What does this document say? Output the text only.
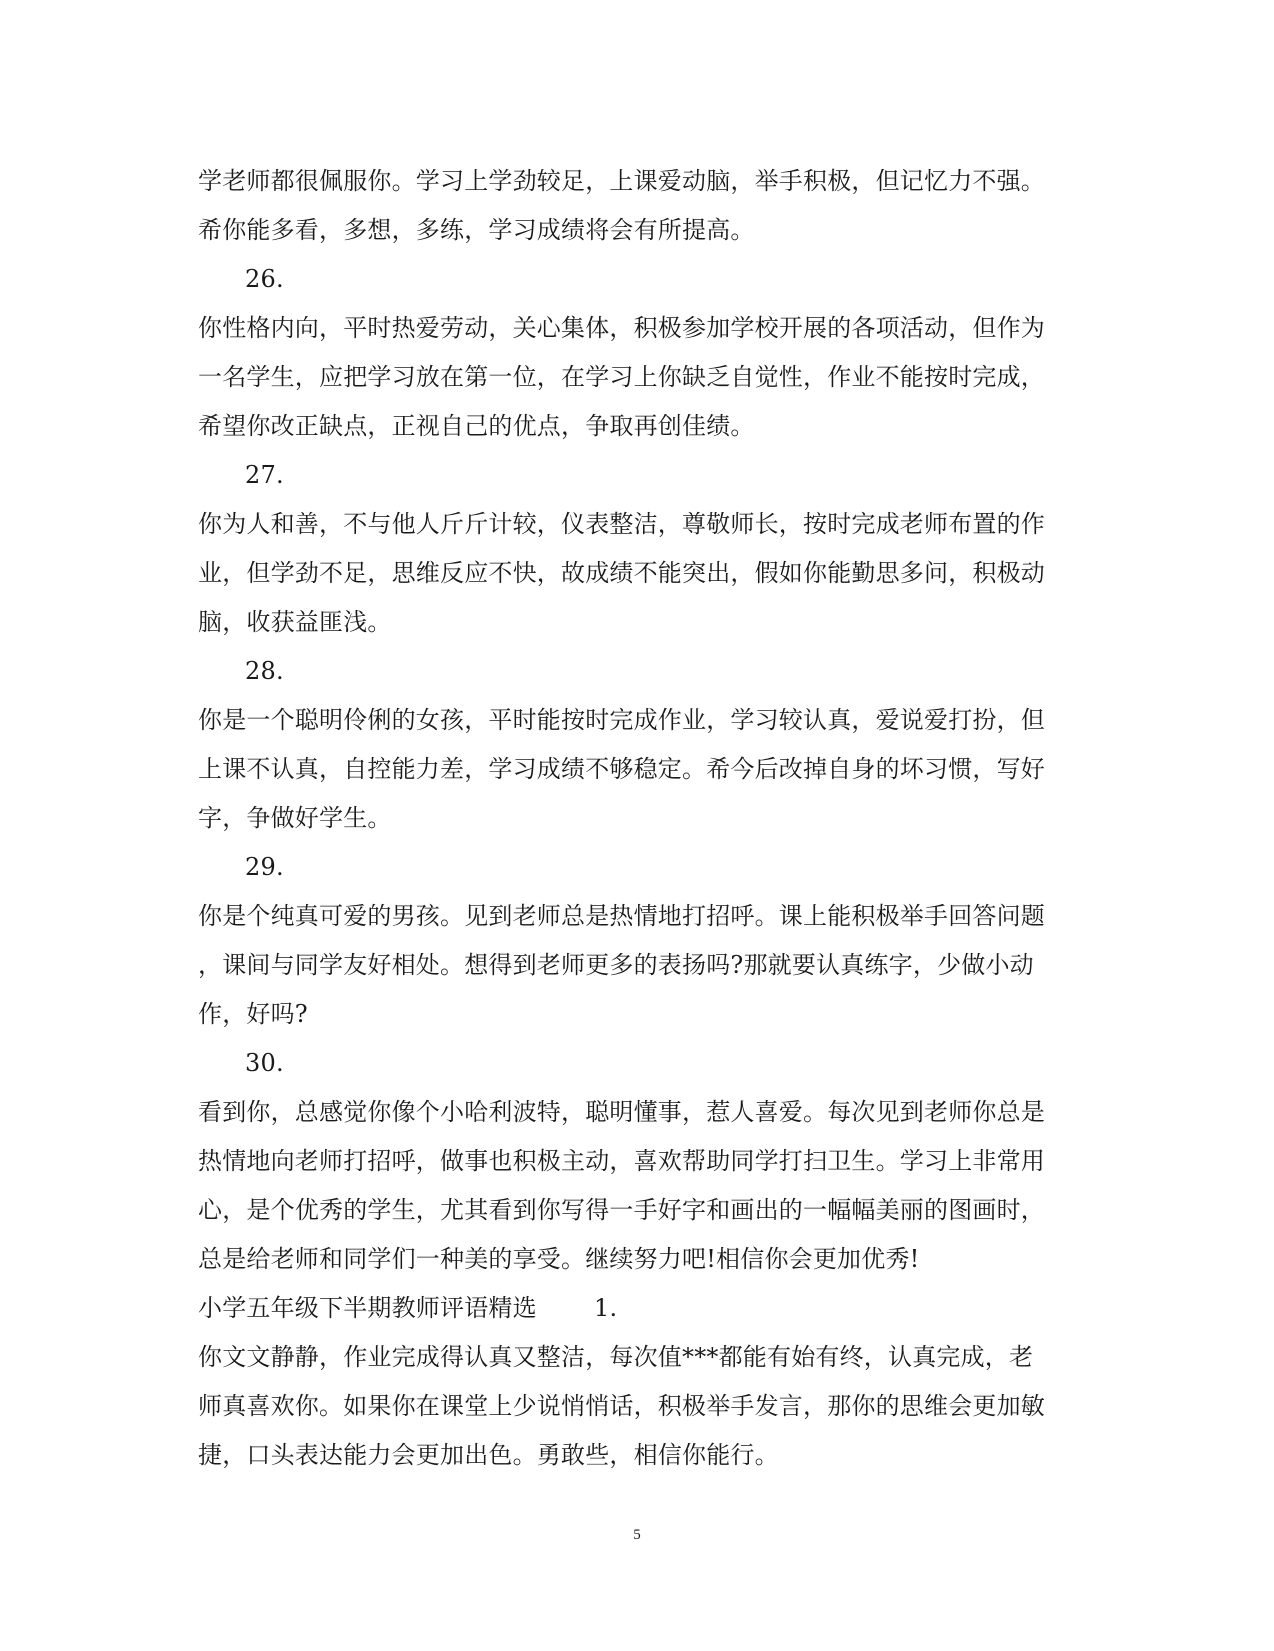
学老师都很佩服你。学习上学劲较足，上课爱动脑，举手积极，但记忆力不强。
希你能多看，多想，多练，学习成绩将会有所提高。
26.
你性格内向，平时热爱劳动，关心集体，积极参加学校开展的各项活动，但作为
一名学生，应把学习放在第一位，在学习上你缺乏自觉性，作业不能按时完成，
希望你改正缺点，正视自己的优点，争取再创佳绩。
27.
你为人和善，不与他人斤斤计较，仪表整洁，尊敬师长，按时完成老师布置的作
业，但学劲不足，思维反应不快，故成绩不能突出，假如你能勤思多问，积极动
脑，收获益匪浅。
28.
你是一个聪明伶俐的女孩，平时能按时完成作业，学习较认真，爱说爱打扮，但
上课不认真，自控能力差，学习成绩不够稳定。希今后改掉自身的坏习惯，写好
字，争做好学生。
29.
你是个纯真可爱的男孩。见到老师总是热情地打招呼。课上能积极举手回答问题
，课间与同学友好相处。想得到老师更多的表扬吗?那就要认真练字，少做小动
作，好吗?
30.
看到你，总感觉你像个小哈利波特，聪明懂事，惹人喜爱。每次见到老师你总是
热情地向老师打招呼，做事也积极主动，喜欢帮助同学打扫卫生。学习上非常用
心，是个优秀的学生，尤其看到你写得一手好字和画出的一幅幅美丽的图画时，
总是给老师和同学们一种美的享受。继续努力吧!相信你会更加优秀!
小学五年级下半期教师评语精选	1.
你文文静静，作业完成得认真又整洁，每次值***都能有始有终，认真完成，老
师真喜欢你。如果你在课堂上少说悄悄话，积极举手发言，那你的思维会更加敏
捷，口头表达能力会更加出色。勇敢些，相信你能行。
5
